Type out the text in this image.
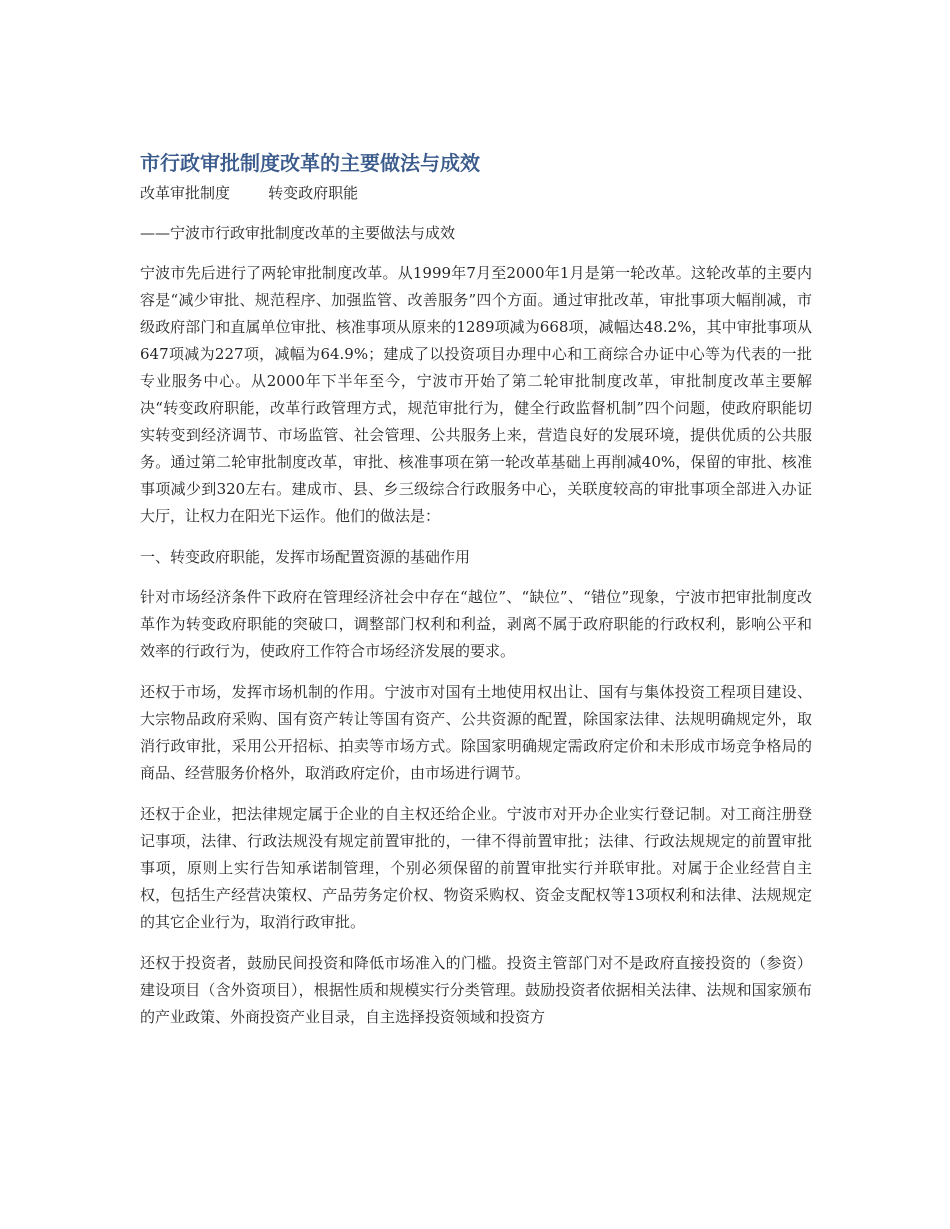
市行政审批制度改革的主要做法与成效
改革审批制度        转变政府职能
——宁波市行政审批制度改革的主要做法与成效

宁波市先后进行了两轮审批制度改革。从1999年7月至2000年1月是第一轮改革。这轮改革的主要内容是“减少审批、规范程序、加强监管、改善服务”四个方面。通过审批改革，审批事项大幅削减，市级政府部门和直属单位审批、核准事项从原来的1289项减为668项，减幅达48.2%，其中审批事项从647项减为227项，减幅为64.9%；建成了以投资项目办理中心和工商综合办证中心等为代表的一批专业服务中心。从2000年下半年至今，宁波市开始了第二轮审批制度改革，审批制度改革主要解决“转变政府职能，改革行政管理方式，规范审批行为，健全行政监督机制”四个问题，使政府职能切实转变到经济调节、市场监管、社会管理、公共服务上来，营造良好的发展环境，提供优质的公共服务。通过第二轮审批制度改革，审批、核准事项在第一轮改革基础上再削减40%，保留的审批、核准事项减少到320左右。建成市、县、乡三级综合行政服务中心，关联度较高的审批事项全部进入办证大厅，让权力在阳光下运作。他们的做法是：

一、转变政府职能，发挥市场配置资源的基础作用

针对市场经济条件下政府在管理经济社会中存在“越位”、“缺位”、“错位”现象，宁波市把审批制度改革作为转变政府职能的突破口，调整部门权利和利益，剥离不属于政府职能的行政权利，影响公平和效率的行政行为，使政府工作符合市场经济发展的要求。

还权于市场，发挥市场机制的作用。宁波市对国有土地使用权出让、国有与集体投资工程项目建设、大宗物品政府采购、国有资产转让等国有资产、公共资源的配置，除国家法律、法规明确规定外，取消行政审批，采用公开招标、拍卖等市场方式。除国家明确规定需政府定价和未形成市场竞争格局的商品、经营服务价格外，取消政府定价，由市场进行调节。

还权于企业，把法律规定属于企业的自主权还给企业。宁波市对开办企业实行登记制。对工商注册登记事项，法律、行政法规没有规定前置审批的，一律不得前置审批；法律、行政法规规定的前置审批事项，原则上实行告知承诺制管理，个别必须保留的前置审批实行并联审批。对属于企业经营自主权，包括生产经营决策权、产品劳务定价权、物资采购权、资金支配权等13项权利和法律、法规规定的其它企业行为，取消行政审批。

还权于投资者，鼓励民间投资和降低市场准入的门槛。投资主管部门对不是政府直接投资的（参资）建设项目（含外资项目），根据性质和规模实行分类管理。鼓励投资者依据相关法律、法规和国家颁布的产业政策、外商投资产业目录，自主选择投资领域和投资方
